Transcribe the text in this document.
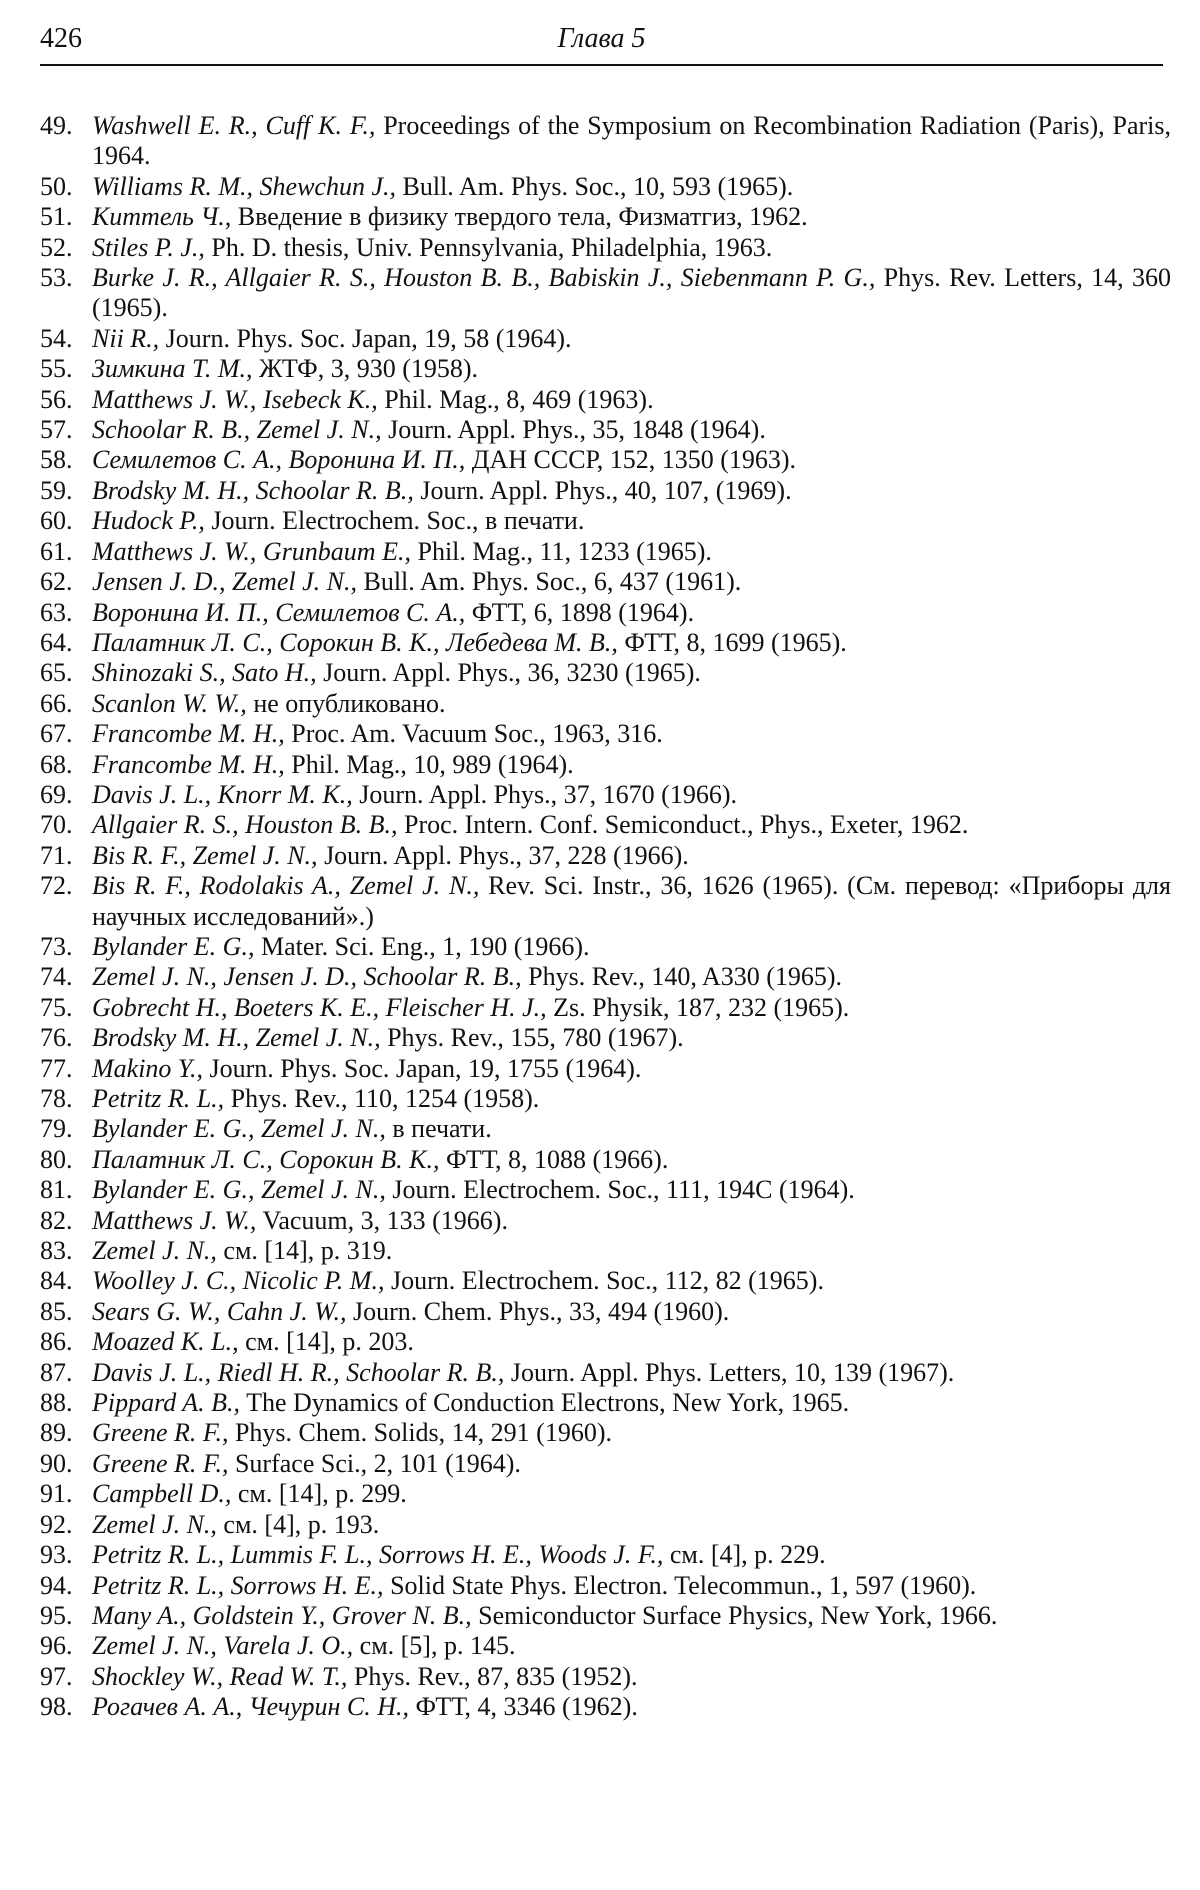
426	Глава 5
49. Washwell E. R., Cuff K. F., Proceedings of the Symposium on Recombination Radiation (Paris), Paris, 1964.
50. Williams R. M., Shewchun J., Bull. Am. Phys. Soc., 10, 593 (1965).
51. Киттель Ч., Введение в физику твердого тела, Физматгиз, 1962.
52. Stiles P. J., Ph. D. thesis, Univ. Pennsylvania, Philadelphia, 1963.
53. Burke J. R., Allgaier R. S., Houston B. B., Babiskin J., Siebenmann P. G., Phys. Rev. Letters, 14, 360 (1965).
54. Nii R., Journ. Phys. Soc. Japan, 19, 58 (1964).
55. Зимкина Т. М., ЖТФ, 3, 930 (1958).
56. Matthews J. W., Isebeck K., Phil. Mag., 8, 469 (1963).
57. Schoolar R. B., Zemel J. N., Journ. Appl. Phys., 35, 1848 (1964).
58. Семилетов С. А., Воронина И. П., ДАН СССР, 152, 1350 (1963).
59. Brodsky M. H., Schoolar R. B., Journ. Appl. Phys., 40, 107, (1969).
60. Hudock P., Journ. Electrochem. Soc., в печати.
61. Matthews J. W., Grunbaum E., Phil. Mag., 11, 1233 (1965).
62. Jensen J. D., Zemel J. N., Bull. Am. Phys. Soc., 6, 437 (1961).
63. Воронина И. П., Семилетов С. А., ФТТ, 6, 1898 (1964).
64. Палатник Л. С., Сорокин В. К., Лебедева М. В., ФТТ, 8, 1699 (1965).
65. Shinozaki S., Sato H., Journ. Appl. Phys., 36, 3230 (1965).
66. Scanlon W. W., не опубликовано.
67. Francombe M. H., Proc. Am. Vacuum Soc., 1963, 316.
68. Francombe M. H., Phil. Mag., 10, 989 (1964).
69. Davis J. L., Knorr M. K., Journ. Appl. Phys., 37, 1670 (1966).
70. Allgaier R. S., Houston B. B., Proc. Intern. Conf. Semiconduct., Phys., Exeter, 1962.
71. Bis R. F., Zemel J. N., Journ. Appl. Phys., 37, 228 (1966).
72. Bis R. F., Rodolakis A., Zemel J. N., Rev. Sci. Instr., 36, 1626 (1965). (См. перевод: «Приборы для научных исследований».)
73. Bylander E. G., Mater. Sci. Eng., 1, 190 (1966).
74. Zemel J. N., Jensen J. D., Schoolar R. B., Phys. Rev., 140, A330 (1965).
75. Gobrecht H., Boeters K. E., Fleischer H. J., Zs. Physik, 187, 232 (1965).
76. Brodsky M. H., Zemel J. N., Phys. Rev., 155, 780 (1967).
77. Makino Y., Journ. Phys. Soc. Japan, 19, 1755 (1964).
78. Petritz R. L., Phys. Rev., 110, 1254 (1958).
79. Bylander E. G., Zemel J. N., в печати.
80. Палатник Л. С., Сорокин В. К., ФТТ, 8, 1088 (1966).
81. Bylander E. G., Zemel J. N., Journ. Electrochem. Soc., 111, 194C (1964).
82. Matthews J. W., Vacuum, 3, 133 (1966).
83. Zemel J. N., см. [14], p. 319.
84. Woolley J. C., Nicolic P. M., Journ. Electrochem. Soc., 112, 82 (1965).
85. Sears G. W., Cahn J. W., Journ. Chem. Phys., 33, 494 (1960).
86. Moazed K. L., см. [14], p. 203.
87. Davis J. L., Riedl H. R., Schoolar R. B., Journ. Appl. Phys. Letters, 10, 139 (1967).
88. Pippard A. B., The Dynamics of Conduction Electrons, New York, 1965.
89. Greene R. F., Phys. Chem. Solids, 14, 291 (1960).
90. Greene R. F., Surface Sci., 2, 101 (1964).
91. Campbell D., см. [14], p. 299.
92. Zemel J. N., см. [4], p. 193.
93. Petritz R. L., Lummis F. L., Sorrows H. E., Woods J. F., см. [4], p. 229.
94. Petritz R. L., Sorrows H. E., Solid State Phys. Electron. Telecommun., 1, 597 (1960).
95. Many A., Goldstein Y., Grover N. B., Semiconductor Surface Physics, New York, 1966.
96. Zemel J. N., Varela J. O., см. [5], p. 145.
97. Shockley W., Read W. T., Phys. Rev., 87, 835 (1952).
98. Рогачев А. А., Чечурин С. Н., ФТТ, 4, 3346 (1962).
